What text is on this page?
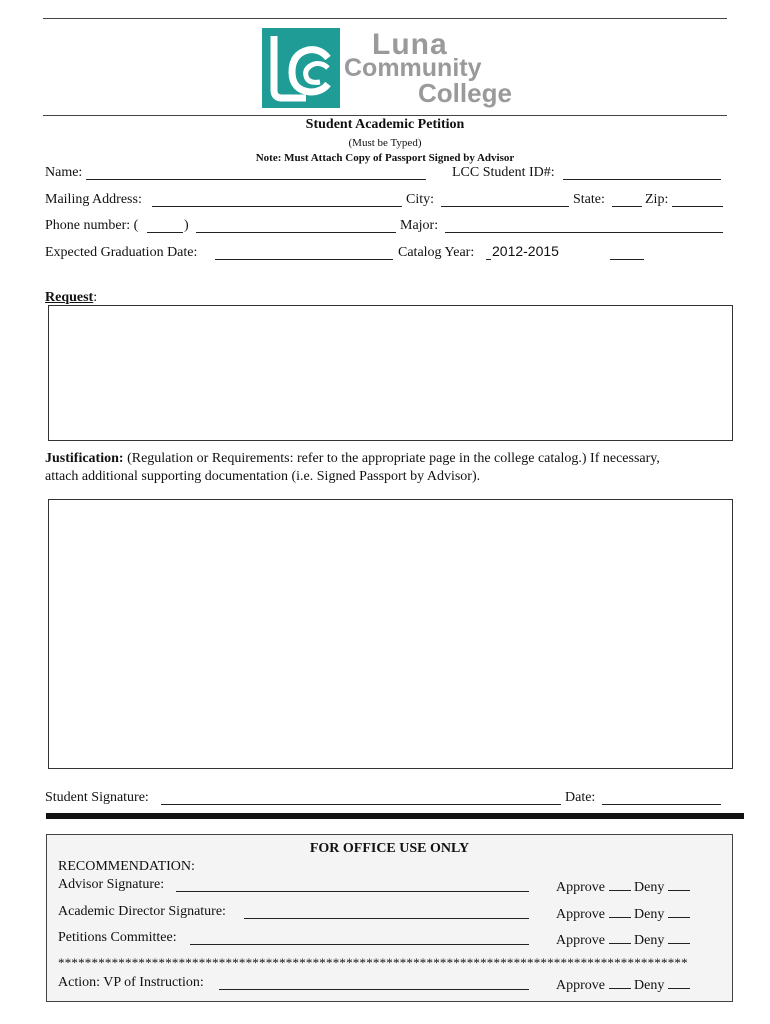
Luna
Community
College
Student Academic Petition
(Must be Typed)
Note: Must Attach Copy of Passport Signed by Advisor
Name:	LCC Student ID#:
Mailing Address:	City:	State:	Zip:
Phone number: (	)	Major:
Expected Graduation Date:	Catalog Year: 2012-2015
Request:
Justification: (Regulation or Requirements: refer to the appropriate page in the college catalog.) If necessary,
attach additional supporting documentation (i.e. Signed Passport by Advisor).
Student Signature:	Date:
FOR OFFICE USE ONLY
RECOMMENDATION:
Advisor Signature:	Approve Deny
Academic Director Signature:	Approve Deny
Petitions Committee:	Approve Deny
**********************************************************************************************
Action: VP of Instruction:	Approve Deny
